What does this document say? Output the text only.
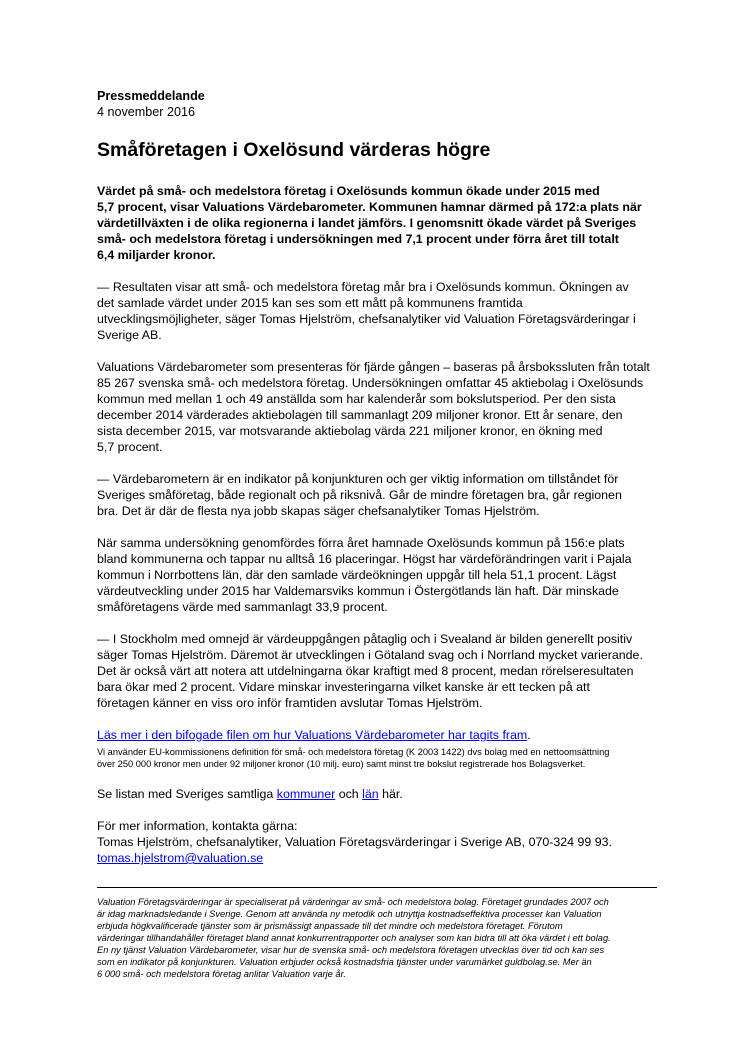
Pressmeddelande
4 november 2016
Småföretagen i Oxelösund värderas högre
Värdet på små- och medelstora företag i Oxelösunds kommun ökade under 2015 med
5,7 procent, visar Valuations Värdebarometer. Kommunen hamnar därmed på 172:a plats när
värdetillväxten i de olika regionerna i landet jämförs. I genomsnitt ökade värdet på Sveriges
små- och medelstora företag i undersökningen med 7,1 procent under förra året till totalt
6,4 miljarder kronor.

— Resultaten visar att små- och medelstora företag mår bra i Oxelösunds kommun. Ökningen av
det samlade värdet under 2015 kan ses som ett mått på kommunens framtida
utvecklingsmöjligheter, säger Tomas Hjelström, chefsanalytiker vid Valuation Företagsvärderingar i
Sverige AB.

Valuations Värdebarometer som presenteras för fjärde gången – baseras på årsbokssluten från totalt
85 267 svenska små- och medelstora företag. Undersökningen omfattar 45 aktiebolag i Oxelösunds
kommun med mellan 1 och 49 anställda som har kalenderår som bokslutsperiod. Per den sista
december 2014 värderades aktiebolagen till sammanlagt 209 miljoner kronor. Ett år senare, den
sista december 2015, var motsvarande aktiebolag värda 221 miljoner kronor, en ökning med
5,7 procent.

— Värdebarometern är en indikator på konjunkturen och ger viktig information om tillståndet för
Sveriges småföretag, både regionalt och på riksnivå. Går de mindre företagen bra, går regionen
bra. Det är där de flesta nya jobb skapas säger chefsanalytiker Tomas Hjelström.

När samma undersökning genomfördes förra året hamnade Oxelösunds kommun på 156:e plats
bland kommunerna och tappar nu alltså 16 placeringar. Högst har värdeförändringen varit i Pajala
kommun i Norrbottens län, där den samlade värdeökningen uppgår till hela 51,1 procent. Lägst
värdeutveckling under 2015 har Valdemarsviks kommun i Östergötlands län haft. Där minskade
småföretagens värde med sammanlagt 33,9 procent.

— I Stockholm med omnejd är värdeuppgången påtaglig och i Svealand är bilden generellt positiv
säger Tomas Hjelström. Däremot är utvecklingen i Götaland svag och i Norrland mycket varierande.
Det är också värt att notera att utdelningarna ökar kraftigt med 8 procent, medan rörelseresultaten
bara ökar med 2 procent. Vidare minskar investeringarna vilket kanske är ett tecken på att
företagen känner en viss oro inför framtiden avslutar Tomas Hjelström.

Läs mer i den bifogade filen om hur Valuations Värdebarometer har tagits fram.

Vi använder EU-kommissionens definition för små- och medelstora företag (K 2003 1422) dvs bolag med en nettoomsättning
över 250 000 kronor men under 92 miljoner kronor (10 milj. euro) samt minst tre bokslut registrerade hos Bolagsverket.

Se listan med Sveriges samtliga kommuner och län här.

För mer information, kontakta gärna:
Tomas Hjelström, chefsanalytiker, Valuation Företagsvärderingar i Sverige AB, 070-324 99 93.
tomas.hjelstrom@valuation.se

Valuation Företagsvärderingar är specialiserat på värderingar av små- och medelstora bolag. Företaget grundades 2007 och
är idag marknadsledande i Sverige. Genom att använda ny metodik och utnyttja kostnadseffektiva processer kan Valuation
erbjuda högkvalificerade tjänster som är prismässigt anpassade till det mindre och medelstora företaget. Förutom
värderingar tillhandahåller företaget bland annat konkurrentrapporter och analyser som kan bidra till att öka värdet i ett bolag.
En ny tjänst Valuation Värdebarometer, visar hur de svenska små- och medelstora företagen utvecklas över tid och kan ses
som en indikator på konjunkturen. Valuation erbjuder också kostnadsfria tjänster under varumärket guldbolag.se. Mer än
6 000 små- och medelstora företag anlitar Valuation varje år.
